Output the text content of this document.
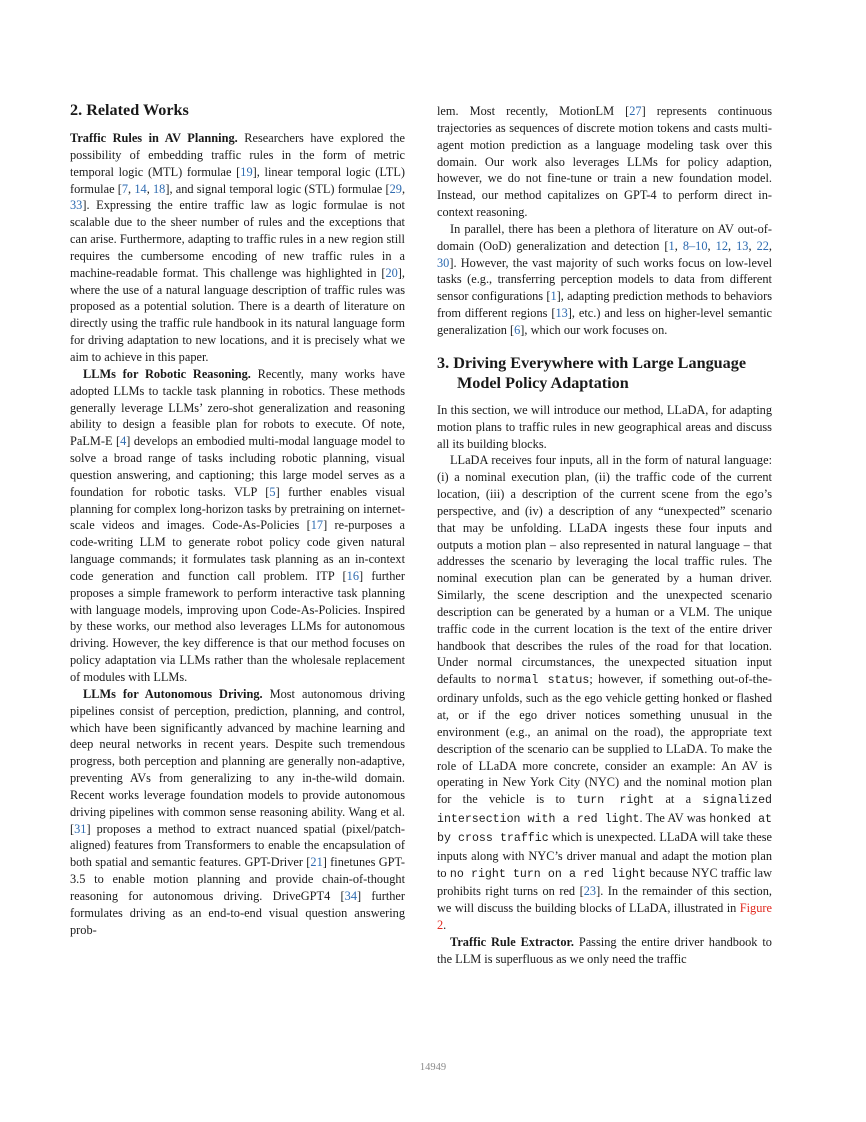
2. Related Works

Traffic Rules in AV Planning. Researchers have explored the possibility of embedding traffic rules in the form of metric temporal logic (MTL) formulae [19], linear temporal logic (LTL) formulae [7, 14, 18], and signal temporal logic (STL) formulae [29, 33]. Expressing the entire traffic law as logic formulae is not scalable due to the sheer number of rules and the exceptions that can arise. Furthermore, adapting to traffic rules in a new region still requires the cumbersome encoding of new traffic rules in a machine-readable format. This challenge was highlighted in [20], where the use of a natural language description of traffic rules was proposed as a potential solution. There is a dearth of literature on directly using the traffic rule handbook in its natural language form for driving adaptation to new locations, and it is precisely what we aim to achieve in this paper.

LLMs for Robotic Reasoning. Recently, many works have adopted LLMs to tackle task planning in robotics. These methods generally leverage LLMs’ zero-shot generalization and reasoning ability to design a feasible plan for robots to execute. Of note, PaLM-E [4] develops an embodied multi-modal language model to solve a broad range of tasks including robotic planning, visual question answering, and captioning; this large model serves as a foundation for robotic tasks. VLP [5] further enables visual planning for complex long-horizon tasks by pretraining on internet-scale videos and images. Code-As-Policies [17] re-purposes a code-writing LLM to generate robot policy code given natural language commands; it formulates task planning as an in-context code generation and function call problem. ITP [16] further proposes a simple framework to perform interactive task planning with language models, improving upon Code-As-Policies. Inspired by these works, our method also leverages LLMs for autonomous driving. However, the key difference is that our method focuses on policy adaptation via LLMs rather than the wholesale replacement of modules with LLMs.

LLMs for Autonomous Driving. Most autonomous driving pipelines consist of perception, prediction, planning, and control, which have been significantly advanced by machine learning and deep neural networks in recent years. Despite such tremendous progress, both perception and planning are generally non-adaptive, preventing AVs from generalizing to any in-the-wild domain. Recent works leverage foundation models to provide autonomous driving pipelines with common sense reasoning ability. Wang et al. [31] proposes a method to extract nuanced spatial (pixel/patch-aligned) features from Transformers to enable the encapsulation of both spatial and semantic features. GPT-Driver [21] finetunes GPT-3.5 to enable motion planning and provide chain-of-thought reasoning for autonomous driving. DriveGPT4 [34] further formulates driving as an end-to-end visual question answering prob-

lem. Most recently, MotionLM [27] represents continuous trajectories as sequences of discrete motion tokens and casts multi-agent motion prediction as a language modeling task over this domain. Our work also leverages LLMs for policy adaption, however, we do not fine-tune or train a new foundation model. Instead, our method capitalizes on GPT-4 to perform direct in-context reasoning.

In parallel, there has been a plethora of literature on AV out-of-domain (OoD) generalization and detection [1, 8–10, 12, 13, 22, 30]. However, the vast majority of such works focus on low-level tasks (e.g., transferring perception models to data from different sensor configurations [1], adapting prediction methods to behaviors from different regions [13], etc.) and less on higher-level semantic generalization [6], which our work focuses on.

3. Driving Everywhere with Large Language Model Policy Adaptation

In this section, we will introduce our method, LLaDA, for adapting motion plans to traffic rules in new geographical areas and discuss all its building blocks.

LLaDA receives four inputs, all in the form of natural language: (i) a nominal execution plan, (ii) the traffic code of the current location, (iii) a description of the current scene from the ego’s perspective, and (iv) a description of any “unexpected” scenario that may be unfolding. LLaDA ingests these four inputs and outputs a motion plan – also represented in natural language – that addresses the scenario by leveraging the local traffic rules. The nominal execution plan can be generated by a human driver. Similarly, the scene description and the unexpected scenario description can be generated by a human or a VLM. The unique traffic code in the current location is the text of the entire driver handbook that describes the rules of the road for that location. Under normal circumstances, the unexpected situation input defaults to normal status; however, if something out-of-the-ordinary unfolds, such as the ego vehicle getting honked or flashed at, or if the ego driver notices something unusual in the environment (e.g., an animal on the road), the appropriate text description of the scenario can be supplied to LLaDA. To make the role of LLaDA more concrete, consider an example: An AV is operating in New York City (NYC) and the nominal motion plan for the vehicle is to turn right at a signalized intersection with a red light. The AV was honked at by cross traffic which is unexpected. LLaDA will take these inputs along with NYC’s driver manual and adapt the motion plan to no right turn on a red light because NYC traffic law prohibits right turns on red [23]. In the remainder of this section, we will discuss the building blocks of LLaDA, illustrated in Figure 2.

Traffic Rule Extractor. Passing the entire driver handbook to the LLM is superfluous as we only need the traffic

14949
